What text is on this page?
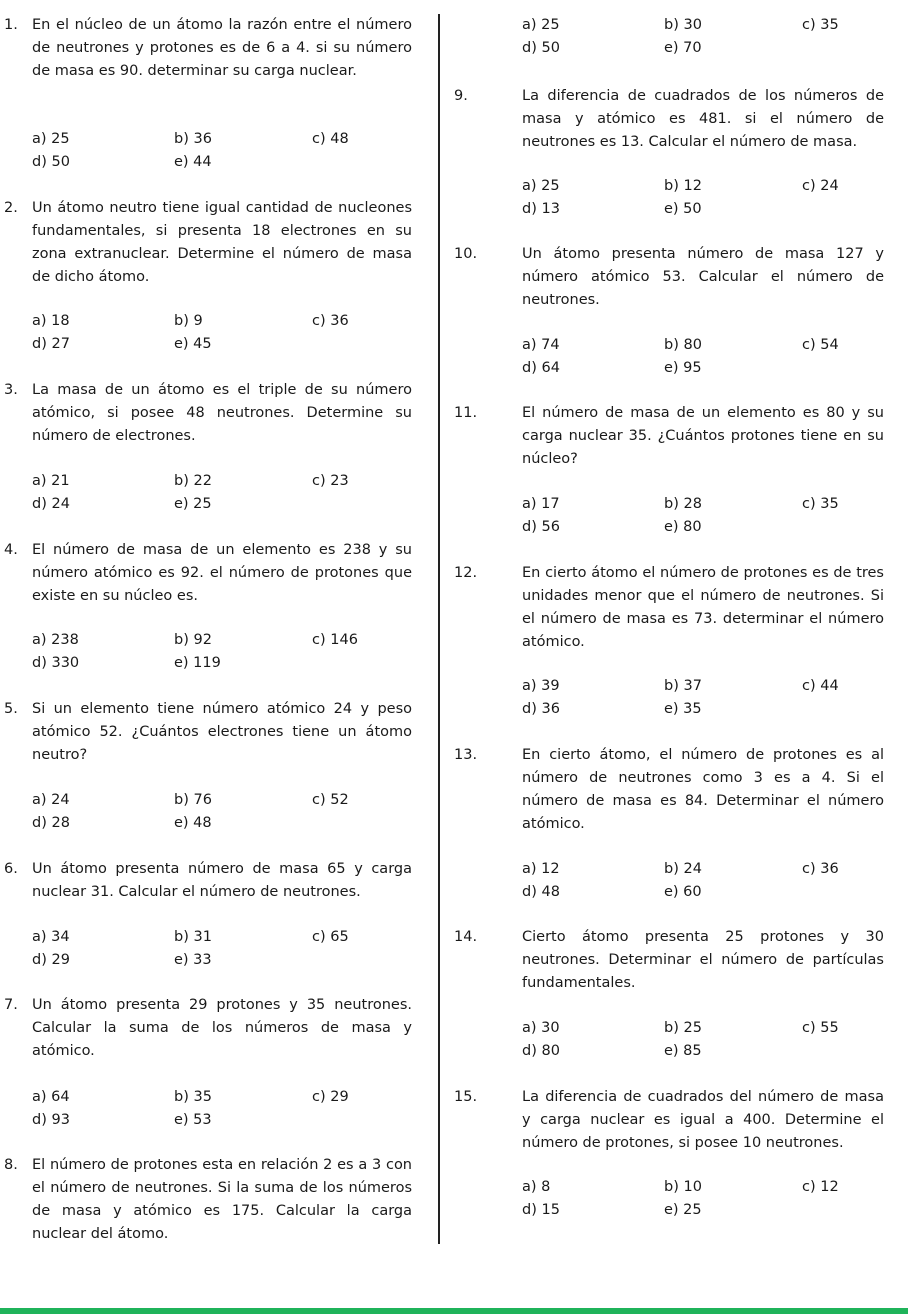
1. En el núcleo de un átomo la razón entre el número de neutrones y protones es de 6 a 4. si su número de masa es 90. determinar su carga nuclear.
a) 25	b) 36	c) 48
d) 50	e) 44
2. Un átomo neutro tiene igual cantidad de nucleones fundamentales, si presenta 18 electrones en su zona extranuclear. Determine el número de masa de dicho átomo.
a) 18	b) 9	c) 36
d) 27	e) 45
3. La masa de un átomo es el triple de su número atómico, si posee 48 neutrones. Determine su número de electrones.
a) 21	b) 22	c) 23
d) 24	e) 25
4. El número de masa de un elemento es 238 y su número atómico es 92. el número de protones que existe en su núcleo es.
a) 238	b) 92	c) 146
d) 330	e) 119
5. Si un elemento tiene número atómico 24 y peso atómico 52. ¿Cuántos electrones tiene un átomo neutro?
a) 24	b) 76	c) 52
d) 28	e) 48
6. Un átomo presenta número de masa 65 y carga nuclear 31. Calcular el número de neutrones.
a) 34	b) 31	c) 65
d) 29	e) 33
7. Un átomo presenta 29 protones y 35 neutrones. Calcular la suma de los números de masa y atómico.
a) 64	b) 35	c) 29
d) 93	e) 53
8. El número de protones esta en relación 2 es a 3 con el número de neutrones. Si la suma de los números de masa y atómico es 175. Calcular la carga nuclear del átomo.
a) 25	b) 30	c) 35
d) 50	e) 70
9.	La diferencia de cuadrados de los números de masa y atómico es 481. si el número de neutrones es 13. Calcular el número de masa.
a) 25	b) 12	c) 24
d) 13	e) 50
10.	Un átomo presenta número de masa 127 y número atómico 53. Calcular el número de neutrones.
a) 74	b) 80	c) 54
d) 64	e) 95
11.	El número de masa de un elemento es 80 y su carga nuclear 35. ¿Cuántos protones tiene en su núcleo?
a) 17	b) 28	c) 35
d) 56	e) 80
12.	En cierto átomo el número de protones es de tres unidades menor que el número de neutrones. Si el número de masa es 73. determinar el número atómico.
a) 39	b) 37	c) 44
d) 36	e) 35
13.	En cierto átomo, el número de protones es al número de neutrones como 3 es a 4. Si el número de masa es 84. Determinar el número atómico.
a) 12	b) 24	c) 36
d) 48	e) 60
14.	Cierto átomo presenta 25 protones y 30 neutrones. Determinar el número de partículas fundamentales.
a) 30	b) 25	c) 55
d) 80	e) 85
15.	La diferencia de cuadrados del número de masa y carga nuclear es igual a 400. Determine el número de protones, si posee 10 neutrones.
a) 8	b) 10	c) 12
d) 15	e) 25
